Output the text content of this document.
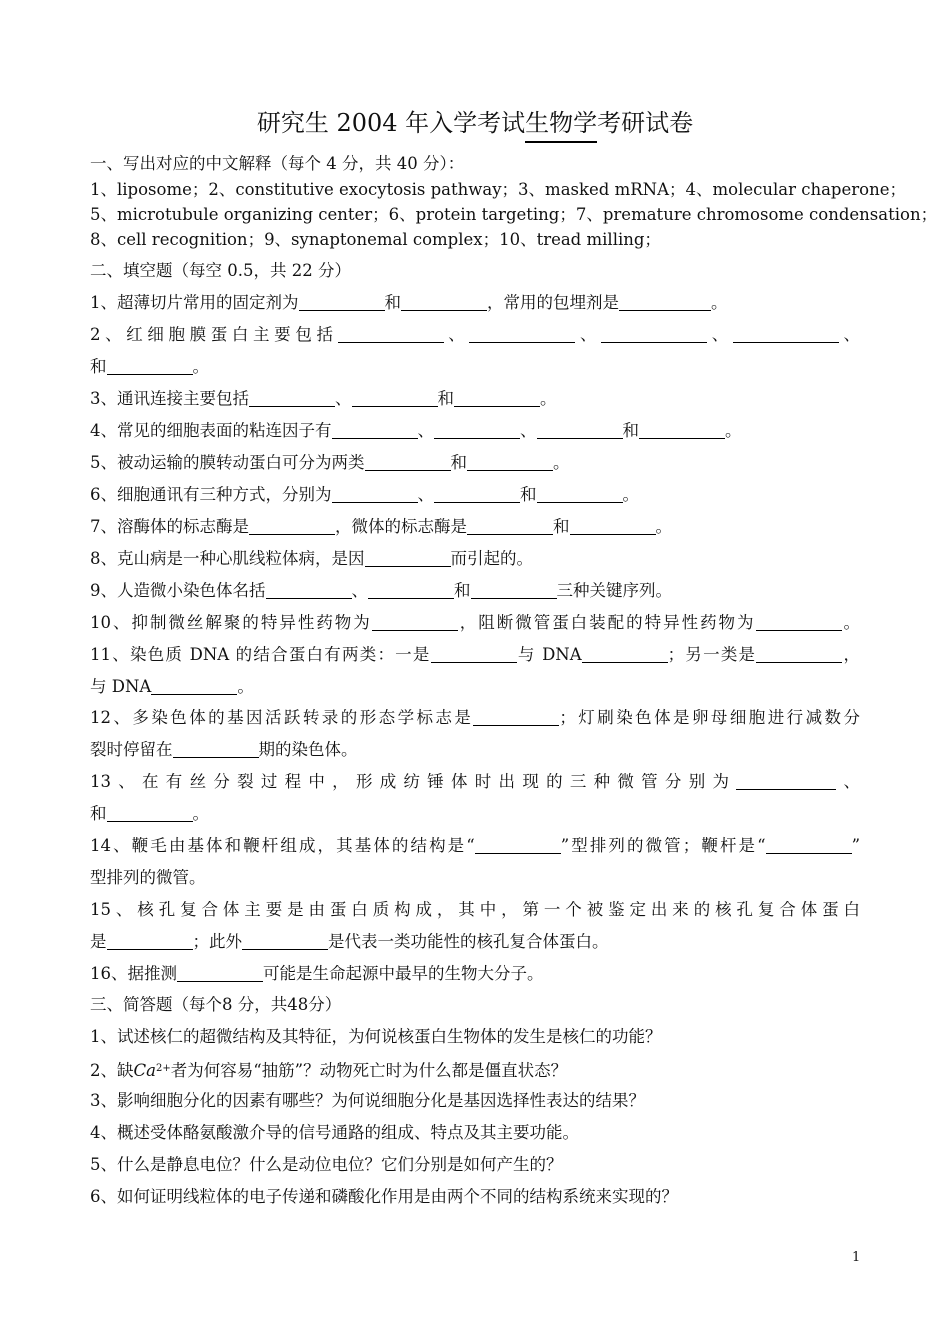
研究生 2004 年入学考试生物学考研试卷
一、写出对应的中文解释（每个 4 分，共 40 分）：
1、liposome；2、constitutive exocytosis pathway；3、masked mRNA；4、molecular chaperone；
5、microtubule organizing center；6、protein targeting；7、premature chromosome condensation；
8、cell recognition；9、synaptonemal complex；10、tread milling；
二、填空题（每空 0.5，共 22 分）
1、超薄切片常用的固定剂为	和	，常用的包埋剂是	。
2、红细胞膜蛋白主要包括	、	、	、	、
和	。
3、通讯连接主要包括	、	和	。
4、常见的细胞表面的粘连因子有	、	、	和	。
5、被动运输的膜转动蛋白可分为两类	和	。
6、细胞通讯有三种方式，分别为	、	和	。
7、溶酶体的标志酶是	，微体的标志酶是	和	。
8、克山病是一种心肌线粒体病，是因	而引起的。
9、人造微小染色体名括	、	和	三种关键序列。
10、抑制微丝解聚的特异性药物为	，阻断微管蛋白装配的特异性药物为	。
11、染色质 DNA 的结合蛋白有两类：一是	与 DNA	；另一类是	，
与 DNA	。
12、多染色体的基因活跃转录的形态学标志是	；灯刷染色体是卵母细胞进行减数分
裂时停留在	期的染色体。
13、在有丝分裂过程中，形成纺锤体时出现的三种微管分别为	、
和	。
14、鞭毛由基体和鞭杆组成，其基体的结构是“	”型排列的微管；鞭杆是“	”
型排列的微管。
15、核孔复合体主要是由蛋白质构成，其中，第一个被鉴定出来的核孔复合体蛋白
是	；此外	是代表一类功能性的核孔复合体蛋白。
16、据推测	可能是生命起源中最早的生物大分子。
三、简答题（每个8 分，共48分）
1、试述核仁的超微结构及其特征，为何说核蛋白生物体的发生是核仁的功能？
2、缺$Ca^{2+}$者为何容易“抽筋”？动物死亡时为什么都是僵直状态？
3、影响细胞分化的因素有哪些？为何说细胞分化是基因选择性表达的结果？
4、概述受体酪氨酸激介导的信号通路的组成、特点及其主要功能。
5、什么是静息电位？什么是动位电位？它们分别是如何产生的？
6、如何证明线粒体的电子传递和磷酸化作用是由两个不同的结构系统来实现的？
1
